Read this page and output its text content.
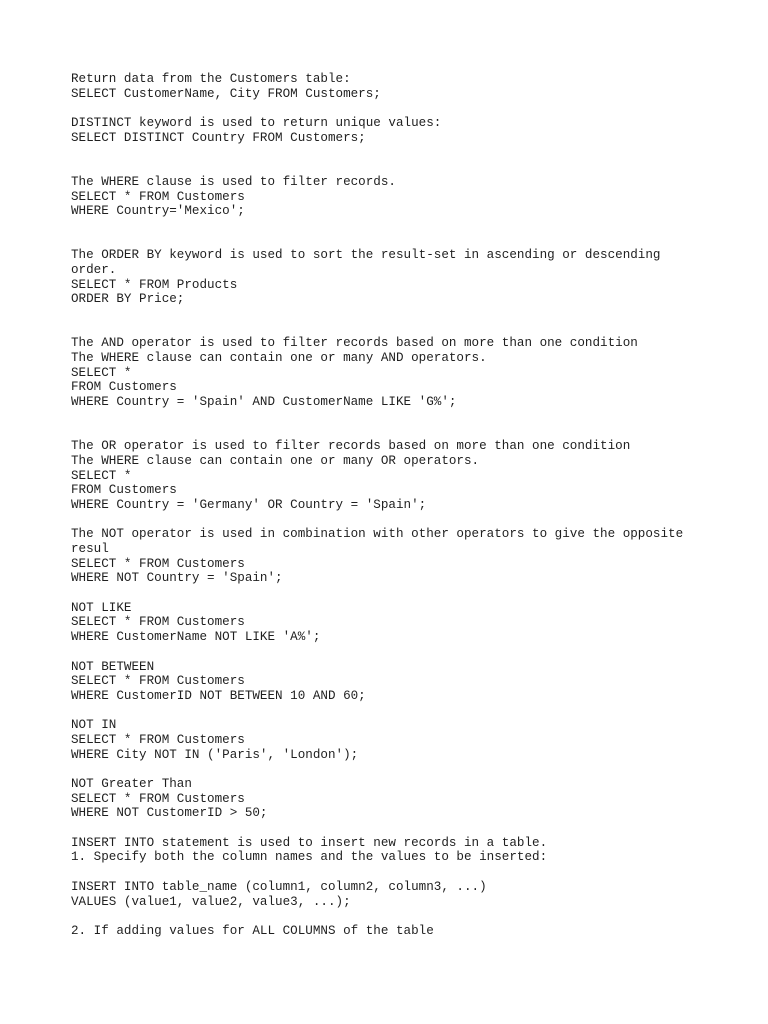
Return data from the Customers table:
SELECT CustomerName, City FROM Customers;
DISTINCT keyword is used to return unique values:
SELECT DISTINCT Country FROM Customers;
The WHERE clause is used to filter records.
SELECT * FROM Customers
WHERE Country='Mexico';
The ORDER BY keyword is used to sort the result-set in ascending or descending
order.
SELECT * FROM Products
ORDER BY Price;
The AND operator is used to filter records based on more than one condition
The WHERE clause can contain one or many AND operators.
SELECT *
FROM Customers
WHERE Country = 'Spain' AND CustomerName LIKE 'G%';
The OR operator is used to filter records based on more than one condition
The WHERE clause can contain one or many OR operators.
SELECT *
FROM Customers
WHERE Country = 'Germany' OR Country = 'Spain';
The NOT operator is used in combination with other operators to give the opposite
resul
SELECT * FROM Customers
WHERE NOT Country = 'Spain';
NOT LIKE
SELECT * FROM Customers
WHERE CustomerName NOT LIKE 'A%';
NOT BETWEEN
SELECT * FROM Customers
WHERE CustomerID NOT BETWEEN 10 AND 60;
NOT IN
SELECT * FROM Customers
WHERE City NOT IN ('Paris', 'London');
NOT Greater Than
SELECT * FROM Customers
WHERE NOT CustomerID > 50;
INSERT INTO statement is used to insert new records in a table.
1. Specify both the column names and the values to be inserted:
INSERT INTO table_name (column1, column2, column3, ...)
VALUES (value1, value2, value3, ...);
2. If adding values for ALL COLUMNS of the table
